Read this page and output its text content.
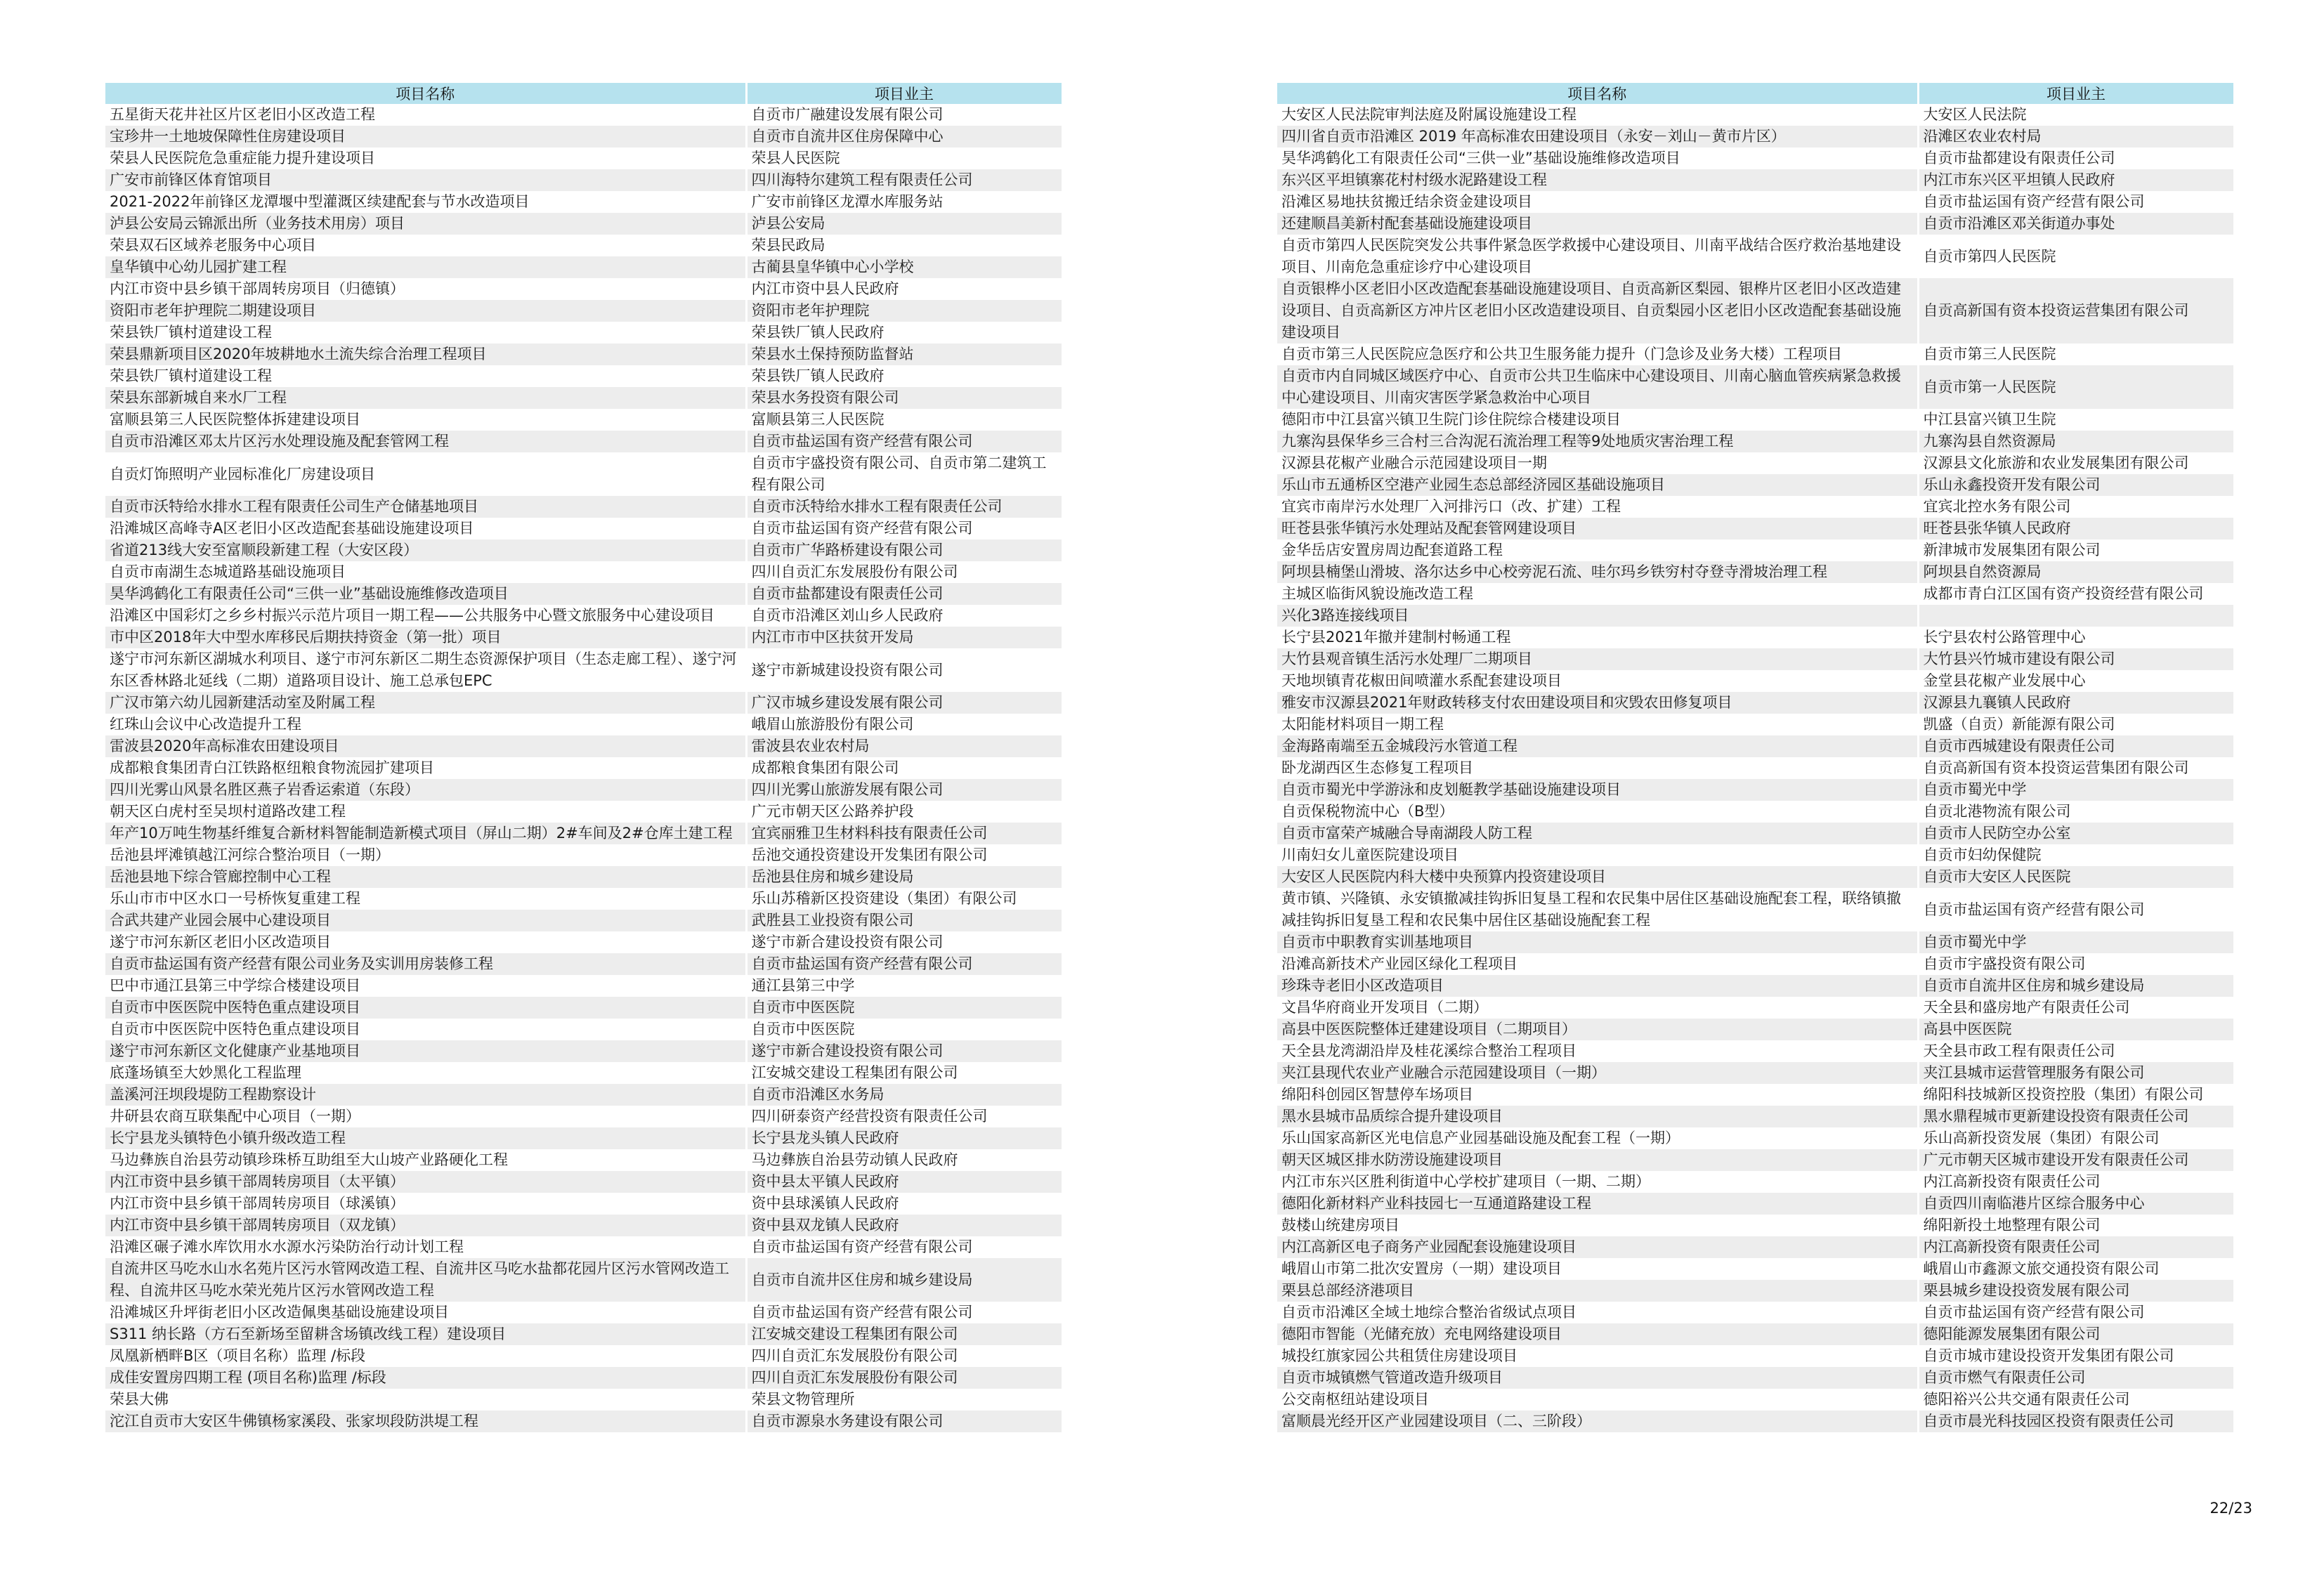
项目名称	项目业主
五星街天花井社区片区老旧小区改造工程	自贡市广融建设发展有限公司
宝珍井一土地坡保障性住房建设项目	自贡市自流井区住房保障中心
荣县人民医院危急重症能力提升建设项目	荣县人民医院
广安市前锋区体育馆项目	四川海特尔建筑工程有限责任公司
2021-2022年前锋区龙潭堰中型灌溉区续建配套与节水改造项目	广安市前锋区龙潭水库服务站
泸县公安局云锦派出所（业务技术用房）项目	泸县公安局
荣县双石区域养老服务中心项目	荣县民政局
皇华镇中心幼儿园扩建工程	古蔺县皇华镇中心小学校
内江市资中县乡镇干部周转房项目（归德镇）	内江市资中县人民政府
资阳市老年护理院二期建设项目	资阳市老年护理院
荣县铁厂镇村道建设工程	荣县铁厂镇人民政府
荣县鼎新项目区2020年坡耕地水土流失综合治理工程项目	荣县水土保持预防监督站
荣县铁厂镇村道建设工程	荣县铁厂镇人民政府
荣县东部新城自来水厂工程	荣县水务投资有限公司
富顺县第三人民医院整体拆建建设项目	富顺县第三人民医院
自贡市沿滩区邓太片区污水处理设施及配套管网工程	自贡市盐运国有资产经营有限公司
自贡灯饰照明产业园标准化厂房建设项目	自贡市宇盛投资有限公司、自贡市第二建筑工程有限公司
自贡市沃特给水排水工程有限责任公司生产仓储基地项目	自贡市沃特给水排水工程有限责任公司
沿滩城区高峰寺A区老旧小区改造配套基础设施建设项目	自贡市盐运国有资产经营有限公司
省道213线大安至富顺段新建工程（大安区段）	自贡市广华路桥建设有限公司
自贡市南湖生态城道路基础设施项目	四川自贡汇东发展股份有限公司
昊华鸿鹤化工有限责任公司“三供一业”基础设施维修改造项目	自贡市盐都建设有限责任公司
沿滩区中国彩灯之乡乡村振兴示范片项目一期工程——公共服务中心暨文旅服务中心建设项目	自贡市沿滩区刘山乡人民政府
市中区2018年大中型水库移民后期扶持资金（第一批）项目	内江市市中区扶贫开发局
遂宁市河东新区湖城水利项目、遂宁市河东新区二期生态资源保护项目（生态走廊工程）、遂宁河东区香林路北延线（二期）道路项目设计、施工总承包EPC	遂宁市新城建设投资有限公司
广汉市第六幼儿园新建活动室及附属工程	广汉市城乡建设发展有限公司
红珠山会议中心改造提升工程	峨眉山旅游股份有限公司
雷波县2020年高标准农田建设项目	雷波县农业农村局
成都粮食集团青白江铁路枢纽粮食物流园扩建项目	成都粮食集团有限公司
四川光雾山风景名胜区燕子岩香运索道（东段）	四川光雾山旅游发展有限公司
朝天区白虎村至吴坝村道路改建工程	广元市朝天区公路养护段
年产10万吨生物基纤维复合新材料智能制造新模式项目（屏山二期）2#车间及2#仓库土建工程	宜宾丽雅卫生材料科技有限责任公司
岳池县坪滩镇越江河综合整治项目（一期）	岳池交通投资建设开发集团有限公司
岳池县地下综合管廊控制中心工程	岳池县住房和城乡建设局
乐山市市中区水口一号桥恢复重建工程	乐山苏稽新区投资建设（集团）有限公司
合武共建产业园会展中心建设项目	武胜县工业投资有限公司
遂宁市河东新区老旧小区改造项目	遂宁市新合建设投资有限公司
自贡市盐运国有资产经营有限公司业务及实训用房装修工程	自贡市盐运国有资产经营有限公司
巴中市通江县第三中学综合楼建设项目	通江县第三中学
自贡市中医医院中医特色重点建设项目	自贡市中医医院
自贡市中医医院中医特色重点建设项目	自贡市中医医院
遂宁市河东新区文化健康产业基地项目	遂宁市新合建设投资有限公司
底蓬场镇至大妙黑化工程监理	江安城交建设工程集团有限公司
盖溪河汪坝段堤防工程勘察设计	自贡市沿滩区水务局
井研县农商互联集配中心项目（一期）	四川研泰资产经营投资有限责任公司
长宁县龙头镇特色小镇升级改造工程	长宁县龙头镇人民政府
马边彝族自治县劳动镇珍珠桥互助组至大山坡产业路硬化工程	马边彝族自治县劳动镇人民政府
内江市资中县乡镇干部周转房项目（太平镇）	资中县太平镇人民政府
内江市资中县乡镇干部周转房项目（球溪镇）	资中县球溪镇人民政府
内江市资中县乡镇干部周转房项目（双龙镇）	资中县双龙镇人民政府
沿滩区碾子滩水库饮用水水源水污染防治行动计划工程	自贡市盐运国有资产经营有限公司
自流井区马吃水山水名苑片区污水管网改造工程、自流井区马吃水盐都花园片区污水管网改造工程、自流井区马吃水荣光苑片区污水管网改造工程	自贡市自流井区住房和城乡建设局
沿滩城区升坪街老旧小区改造佩奥基础设施建设项目	自贡市盐运国有资产经营有限公司
S311 纳长路（方石至新场至留耕含场镇改线工程）建设项目	江安城交建设工程集团有限公司
凤凰新栖畔B区（项目名称）监理 /标段	四川自贡汇东发展股份有限公司
成佳安置房四期工程 (项目名称)监理 /标段	四川自贡汇东发展股份有限公司
荣县大佛	荣县文物管理所
沱江自贡市大安区牛佛镇杨家溪段、张家坝段防洪堤工程	自贡市源泉水务建设有限公司
项目名称	项目业主
大安区人民法院审判法庭及附属设施建设工程	大安区人民法院
四川省自贡市沿滩区 2019 年高标准农田建设项目（永安－刘山－黄市片区）	沿滩区农业农村局
昊华鸿鹤化工有限责任公司“三供一业”基础设施维修改造项目	自贡市盐都建设有限责任公司
东兴区平坦镇寨花村村级水泥路建设工程	内江市东兴区平坦镇人民政府
沿滩区易地扶贫搬迁结余资金建设项目	自贡市盐运国有资产经营有限公司
还建顺昌美新村配套基础设施建设项目	自贡市沿滩区邓关街道办事处
自贡市第四人民医院突发公共事件紧急医学救援中心建设项目、川南平战结合医疗救治基地建设项目、川南危急重症诊疗中心建设项目	自贡市第四人民医院
自贡银桦小区老旧小区改造配套基础设施建设项目、自贡高新区梨园、银桦片区老旧小区改造建设项目、自贡高新区方冲片区老旧小区改造建设项目、自贡梨园小区老旧小区改造配套基础设施建设项目	自贡高新国有资本投资运营集团有限公司
自贡市第三人民医院应急医疗和公共卫生服务能力提升（门急诊及业务大楼）工程项目	自贡市第三人民医院
自贡市内自同城区域医疗中心、自贡市公共卫生临床中心建设项目、川南心脑血管疾病紧急救援中心建设项目、川南灾害医学紧急救治中心项目	自贡市第一人民医院
德阳市中江县富兴镇卫生院门诊住院综合楼建设项目	中江县富兴镇卫生院
九寨沟县保华乡三合村三合沟泥石流治理工程等9处地质灾害治理工程	九寨沟县自然资源局
汉源县花椒产业融合示范园建设项目一期	汉源县文化旅游和农业发展集团有限公司
乐山市五通桥区空港产业园生态总部经济园区基础设施项目	乐山永鑫投资开发有限公司
宜宾市南岸污水处理厂入河排污口（改、扩建）工程	宜宾北控水务有限公司
旺苍县张华镇污水处理站及配套管网建设项目	旺苍县张华镇人民政府
金华岳店安置房周边配套道路工程	新津城市发展集团有限公司
阿坝县楠堡山滑坡、洛尔达乡中心校旁泥石流、哇尔玛乡铁穷村夺登寺滑坡治理工程	阿坝县自然资源局
主城区临街风貌设施改造工程	成都市青白江区国有资产投资经营有限公司
兴化3路连接线项目	
长宁县2021年撤并建制村畅通工程	长宁县农村公路管理中心
大竹县观音镇生活污水处理厂二期项目	大竹县兴竹城市建设有限公司
天地坝镇青花椒田间喷灌水系配套建设项目	金堂县花椒产业发展中心
雅安市汉源县2021年财政转移支付农田建设项目和灾毁农田修复项目	汉源县九襄镇人民政府
太阳能材料项目一期工程	凯盛（自贡）新能源有限公司
金海路南端至五金城段污水管道工程	自贡市西城建设有限责任公司
卧龙湖西区生态修复工程项目	自贡高新国有资本投资运营集团有限公司
自贡市蜀光中学游泳和皮划艇教学基础设施建设项目	自贡市蜀光中学
自贡保税物流中心（B型）	自贡北港物流有限公司
自贡市富荣产城融合导南湖段人防工程	自贡市人民防空办公室
川南妇女儿童医院建设项目	自贡市妇幼保健院
大安区人民医院内科大楼中央预算内投资建设项目	自贡市大安区人民医院
黄市镇、兴隆镇、永安镇撤减挂钩拆旧复垦工程和农民集中居住区基础设施配套工程，联络镇撤减挂钩拆旧复垦工程和农民集中居住区基础设施配套工程	自贡市盐运国有资产经营有限公司
自贡市中职教育实训基地项目	自贡市蜀光中学
沿滩高新技术产业园区绿化工程项目	自贡市宇盛投资有限公司
珍珠寺老旧小区改造项目	自贡市自流井区住房和城乡建设局
文昌华府商业开发项目（二期）	天全县和盛房地产有限责任公司
高县中医医院整体迁建建设项目（二期项目）	高县中医医院
天全县龙湾湖沿岸及桂花溪综合整治工程项目	天全县市政工程有限责任公司
夹江县现代农业产业融合示范园建设项目（一期）	夹江县城市运营管理服务有限公司
绵阳科创园区智慧停车场项目	绵阳科技城新区投资控股（集团）有限公司
黑水县城市品质综合提升建设项目	黑水鼎程城市更新建设投资有限责任公司
乐山国家高新区光电信息产业园基础设施及配套工程（一期）	乐山高新投资发展（集团）有限公司
朝天区城区排水防涝设施建设项目	广元市朝天区城市建设开发有限责任公司
内江市东兴区胜利街道中心学校扩建项目（一期、二期）	内江高新投资有限责任公司
德阳化新材料产业科技园七一互通道路建设工程	自贡四川南临港片区综合服务中心
鼓楼山统建房项目	绵阳新投土地整理有限公司
内江高新区电子商务产业园配套设施建设项目	内江高新投资有限责任公司
峨眉山市第二批次安置房（一期）建设项目	峨眉山市鑫源文旅交通投资有限公司
栗县总部经济港项目	栗县城乡建设投资发展有限公司
自贡市沿滩区全域土地综合整治省级试点项目	自贡市盐运国有资产经营有限公司
德阳市智能（光储充放）充电网络建设项目	德阳能源发展集团有限公司
城投红旗家园公共租赁住房建设项目	自贡市城市建设投资开发集团有限公司
自贡市城镇燃气管道改造升级项目	自贡市燃气有限责任公司
公交南枢纽站建设项目	德阳裕兴公共交通有限责任公司
富顺晨光经开区产业园建设项目（二、三阶段）	自贡市晨光科技园区投资有限责任公司
22/23
